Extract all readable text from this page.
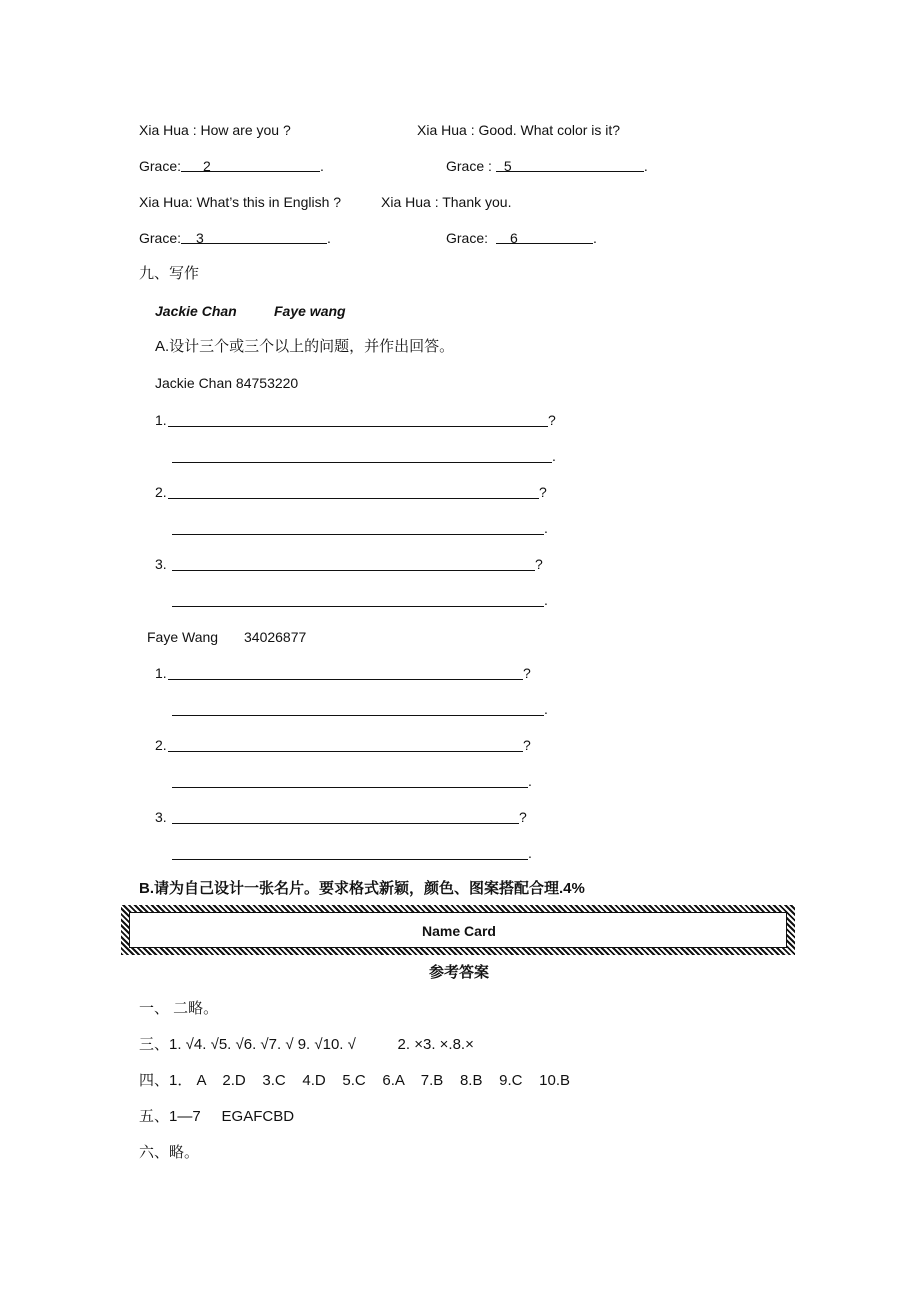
Xia Hua : How are you ?	Xia Hua : Good. What color is it?
Grace: 2	.	Grace : 5	.
Xia Hua: What’s this in English ?	Xia Hua : Thank you.
Grace: 3	.	Grace: 6	.
九、写作
Jackie Chan	Faye wang
A.设计三个或三个以上的问题，并作出回答。
Jackie Chan 84753220
1.	?
.
2.	?
.
3.	?
.
Faye Wang 34026877
1.	?
.
2.	?
.
3.	?
.
B.请为自己设计一张名片。要求格式新颖，颜色、图案搭配合理.4%
Name Card
参考答案
一、 二略。
三、1. √4. √5. √6. √7. √ 9. √10. √          2. ×3. ×.8.×
四、1． A    2.D    3.C    4.D    5.C    6.A    7.B    8.B    9.C    10.B
五、1—7     EGAFCBD
六、略。
